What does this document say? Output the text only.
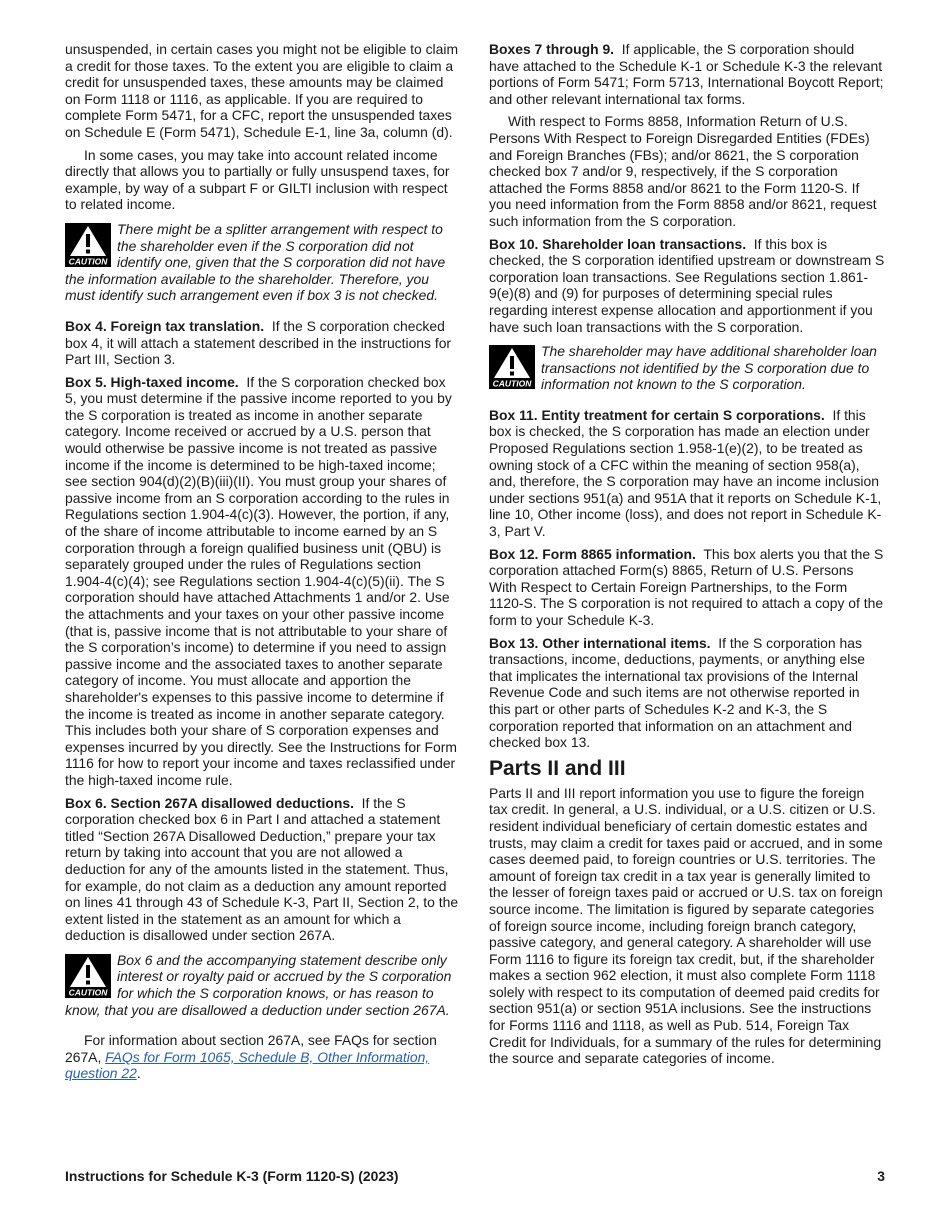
unsuspended, in certain cases you might not be eligible to claim a credit for those taxes. To the extent you are eligible to claim a credit for unsuspended taxes, these amounts may be claimed on Form 1118 or 1116, as applicable. If you are required to complete Form 5471, for a CFC, report the unsuspended taxes on Schedule E (Form 5471), Schedule E-1, line 3a, column (d).

In some cases, you may take into account related income directly that allows you to partially or fully unsuspend taxes, for example, by way of a subpart F or GILTI inclusion with respect to related income.

CAUTION
There might be a splitter arrangement with respect to the shareholder even if the S corporation did not identify one, given that the S corporation did not have the information available to the shareholder. Therefore, you must identify such arrangement even if box 3 is not checked.

Box 4. Foreign tax translation. If the S corporation checked box 4, it will attach a statement described in the instructions for Part III, Section 3.

Box 5. High-taxed income. If the S corporation checked box 5, you must determine if the passive income reported to you by the S corporation is treated as income in another separate category. Income received or accrued by a U.S. person that would otherwise be passive income is not treated as passive income if the income is determined to be high-taxed income; see section 904(d)(2)(B)(iii)(II). You must group your shares of passive income from an S corporation according to the rules in Regulations section 1.904-4(c)(3). However, the portion, if any, of the share of income attributable to income earned by an S corporation through a foreign qualified business unit (QBU) is separately grouped under the rules of Regulations section 1.904-4(c)(4); see Regulations section 1.904-4(c)(5)(ii). The S corporation should have attached Attachments 1 and/or 2. Use the attachments and your taxes on your other passive income (that is, passive income that is not attributable to your share of the S corporation’s income) to determine if you need to assign passive income and the associated taxes to another separate category of income. You must allocate and apportion the shareholder's expenses to this passive income to determine if the income is treated as income in another separate category. This includes both your share of S corporation expenses and expenses incurred by you directly. See the Instructions for Form 1116 for how to report your income and taxes reclassified under the high-taxed income rule.

Box 6. Section 267A disallowed deductions. If the S corporation checked box 6 in Part I and attached a statement titled “Section 267A Disallowed Deduction,” prepare your tax return by taking into account that you are not allowed a deduction for any of the amounts listed in the statement. Thus, for example, do not claim as a deduction any amount reported on lines 41 through 43 of Schedule K-3, Part II, Section 2, to the extent listed in the statement as an amount for which a deduction is disallowed under section 267A.

CAUTION
Box 6 and the accompanying statement describe only interest or royalty paid or accrued by the S corporation for which the S corporation knows, or has reason to know, that you are disallowed a deduction under section 267A.

For information about section 267A, see FAQs for section 267A, FAQs for Form 1065, Schedule B, Other Information, question 22.

Boxes 7 through 9. If applicable, the S corporation should have attached to the Schedule K-1 or Schedule K-3 the relevant portions of Form 5471; Form 5713, International Boycott Report; and other relevant international tax forms.

With respect to Forms 8858, Information Return of U.S. Persons With Respect to Foreign Disregarded Entities (FDEs) and Foreign Branches (FBs); and/or 8621, the S corporation checked box 7 and/or 9, respectively, if the S corporation attached the Forms 8858 and/or 8621 to the Form 1120-S. If you need information from the Form 8858 and/or 8621, request such information from the S corporation.

Box 10. Shareholder loan transactions. If this box is checked, the S corporation identified upstream or downstream S corporation loan transactions. See Regulations section 1.861-9(e)(8) and (9) for purposes of determining special rules regarding interest expense allocation and apportionment if you have such loan transactions with the S corporation.

CAUTION
The shareholder may have additional shareholder loan transactions not identified by the S corporation due to information not known to the S corporation.

Box 11. Entity treatment for certain S corporations. If this box is checked, the S corporation has made an election under Proposed Regulations section 1.958-1(e)(2), to be treated as owning stock of a CFC within the meaning of section 958(a), and, therefore, the S corporation may have an income inclusion under sections 951(a) and 951A that it reports on Schedule K-1, line 10, Other income (loss), and does not report in Schedule K-3, Part V.

Box 12. Form 8865 information. This box alerts you that the S corporation attached Form(s) 8865, Return of U.S. Persons With Respect to Certain Foreign Partnerships, to the Form 1120-S. The S corporation is not required to attach a copy of the form to your Schedule K-3.

Box 13. Other international items. If the S corporation has transactions, income, deductions, payments, or anything else that implicates the international tax provisions of the Internal Revenue Code and such items are not otherwise reported in this part or other parts of Schedules K-2 and K-3, the S corporation reported that information on an attachment and checked box 13.

Parts II and III

Parts II and III report information you use to figure the foreign tax credit. In general, a U.S. individual, or a U.S. citizen or U.S. resident individual beneficiary of certain domestic estates and trusts, may claim a credit for taxes paid or accrued, and in some cases deemed paid, to foreign countries or U.S. territories. The amount of foreign tax credit in a tax year is generally limited to the lesser of foreign taxes paid or accrued or U.S. tax on foreign source income. The limitation is figured by separate categories of foreign source income, including foreign branch category, passive category, and general category. A shareholder will use Form 1116 to figure its foreign tax credit, but, if the shareholder makes a section 962 election, it must also complete Form 1118 solely with respect to its computation of deemed paid credits for section 951(a) or section 951A inclusions. See the instructions for Forms 1116 and 1118, as well as Pub. 514, Foreign Tax Credit for Individuals, for a summary of the rules for determining the source and separate categories of income.

Instructions for Schedule K-3 (Form 1120-S) (2023)	3
